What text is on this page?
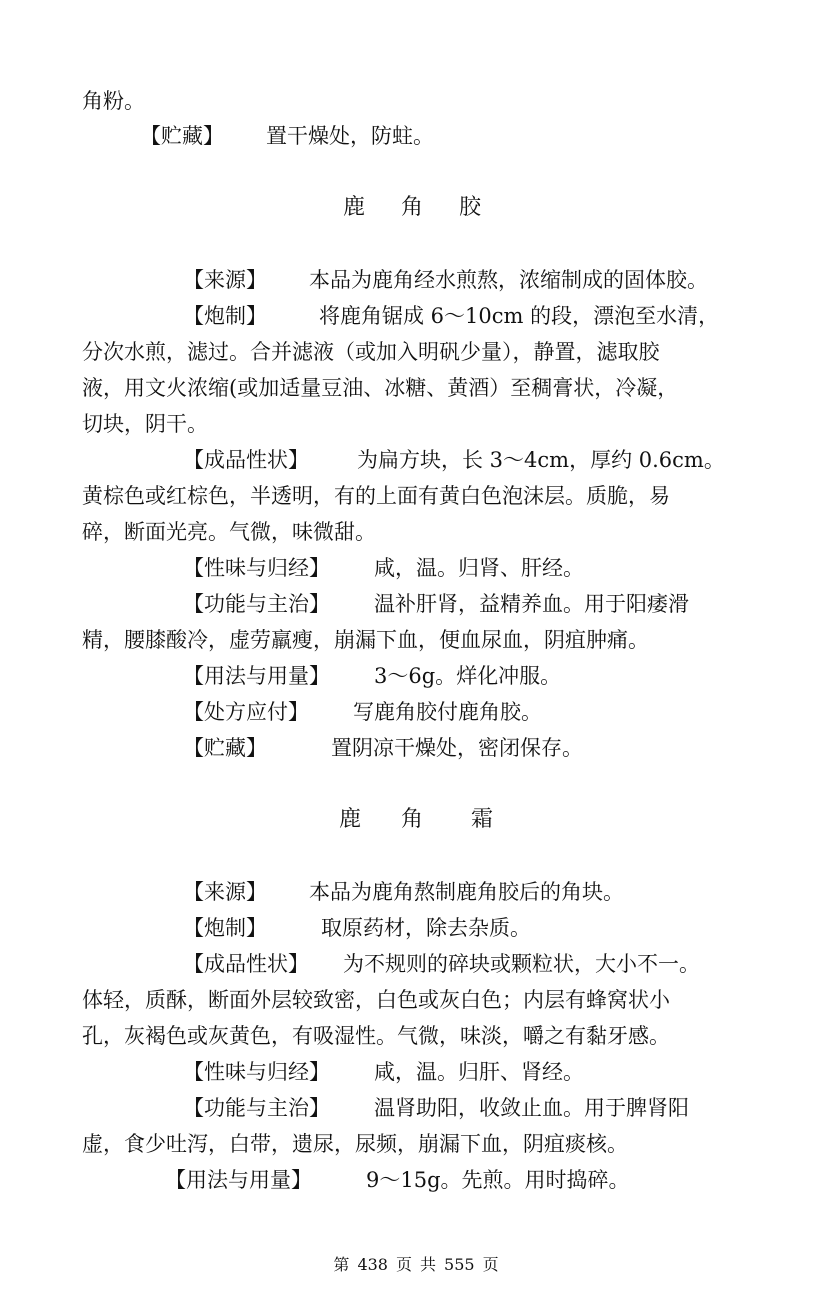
角粉。
【贮藏】 置干燥处，防蛀。
鹿 角 胶
【来源】 本品为鹿角经水煎熬，浓缩制成的固体胶。
【炮制】 将鹿角锯成 6～10cm 的段，漂泡至水清，
分次水煎，滤过。合并滤液（或加入明矾少量），静置，滤取胶
液，用文火浓缩(或加适量豆油、冰糖、黄酒）至稠膏状，冷凝，
切块，阴干。
【成品性状】 为扁方块，长 3～4cm，厚约 0.6cm。
黄棕色或红棕色，半透明，有的上面有黄白色泡沫层。质脆，易
碎，断面光亮。气微，味微甜。
【性味与归经】 咸，温。归肾、肝经。
【功能与主治】 温补肝肾，益精养血。用于阳痿滑
精，腰膝酸冷，虚劳羸瘦，崩漏下血，便血尿血，阴疽肿痛。
【用法与用量】 3～6g。烊化冲服。
【处方应付】 写鹿角胶付鹿角胶。
【贮藏】	置阴凉干燥处，密闭保存。
鹿 角 霜
【来源】 本品为鹿角熬制鹿角胶后的角块。
【炮制】	取原药材，除去杂质。
【成品性状】 为不规则的碎块或颗粒状，大小不一。
体轻，质酥，断面外层较致密，白色或灰白色；内层有蜂窝状小
孔，灰褐色或灰黄色，有吸湿性。气微，味淡，嚼之有黏牙感。
【性味与归经】 咸，温。归肝、肾经。
【功能与主治】 温肾助阳，收敛止血。用于脾肾阳
虚，食少吐泻，白带，遗尿，尿频，崩漏下血，阴疽痰核。
【用法与用量】	9～15g。先煎。用时捣碎。
第 438 页 共 555 页
